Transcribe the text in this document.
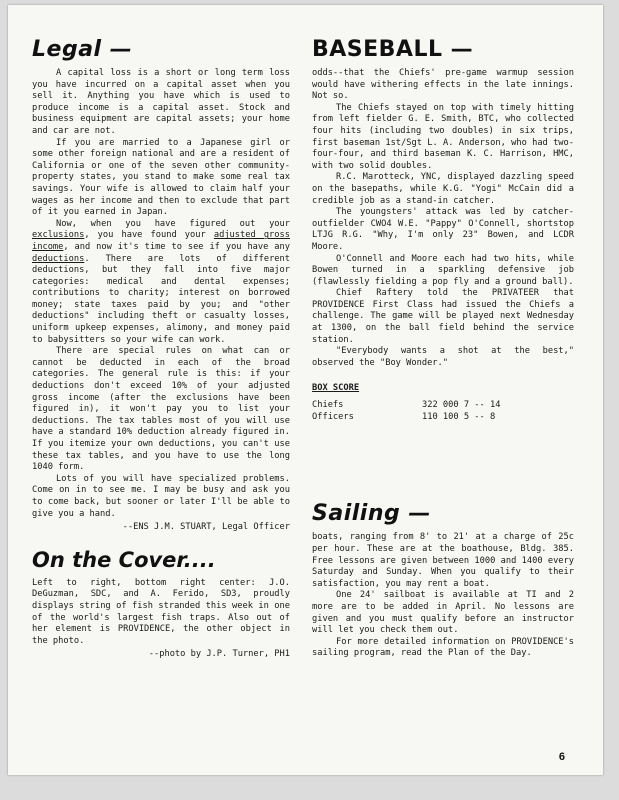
Legal —

A capital loss is a short or long term loss you have incurred on a capital asset when you sell it. Anything you have which is used to produce income is a capital asset. Stock and business equipment are capital assets; your home and car are not.

If you are married to a Japanese girl or some other foreign national and are a resident of California or one of the seven other community-property states, you stand to make some real tax savings. Your wife is allowed to claim half your wages as her income and then to exclude that part of it you earned in Japan.

Now, when you have figured out your exclusions, you have found your adjusted gross income, and now it's time to see if you have any deductions. There are lots of different deductions, but they fall into five major categories: medical and dental expenses; contributions to charity; interest on borrowed money; state taxes paid by you; and "other deductions" including theft or casualty losses, uniform upkeep expenses, alimony, and money paid to babysitters so your wife can work.

There are special rules on what can or cannot be deducted in each of the broad categories. The general rule is this: if your deductions don't exceed 10% of your adjusted gross income (after the exclusions have been figured in), it won't pay you to list your deductions. The tax tables most of you will use have a standard 10% deduction already figured in. If you itemize your own deductions, you can't use these tax tables, and you have to use the long 1040 form.

Lots of you will have specialized problems. Come on in to see me. I may be busy and ask you to come back, but sooner or later I'll be able to give you a hand.

--ENS J.M. STUART, Legal Officer

On the Cover....

Left to right, bottom right center: J.O. DeGuzman, SDC, and A. Ferido, SD3, proudly displays string of fish stranded this week in one of the world's largest fish traps. Also out of her element is PROVIDENCE, the other object in the photo.

--photo by J.P. Turner, PH1

BASEBALL —

odds--that the Chiefs' pre-game warmup session would have withering effects in the late innings. Not so.

The Chiefs stayed on top with timely hitting from left fielder G. E. Smith, BTC, who collected four hits (including two doubles) in six trips, first baseman 1st/Sgt L. A. Anderson, who had two-four-four, and third baseman K. C. Harrison, HMC, with two solid doubles.

R.C. Marotteck, YNC, displayed dazzling speed on the basepaths, while K.G. "Yogi" McCain did a credible job as a stand-in catcher.

The youngsters' attack was led by catcher-outfielder CWO4 W.E. "Pappy" O'Connell, shortstop LTJG R.G. "Why, I'm only 23" Bowen, and LCDR Moore.

O'Connell and Moore each had two hits, while Bowen turned in a sparkling defensive job (flawlessly fielding a pop fly and a ground ball).

Chief Raftery told the PRIVATEER that PROVIDENCE First Class had issued the Chiefs a challenge. The game will be played next Wednesday at 1300, on the ball field behind the service station.

"Everybody wants a shot at the best," observed the "Boy Wonder."

BOX SCORE
Chiefs	322 000 7 -- 14
Officers	110 100 5 -- 8
Sailing —

boats, ranging from 8' to 21' at a charge of 25c per hour. These are at the boathouse, Bldg. 385. Free lessons are given between 1000 and 1400 every Saturday and Sunday. When you qualify to their satisfaction, you may rent a boat.

One 24' sailboat is available at TI and 2 more are to be added in April. No lessons are given and you must qualify before an instructor will let you check them out.

For more detailed information on PROVIDENCE's sailing program, read the Plan of the Day.

6
